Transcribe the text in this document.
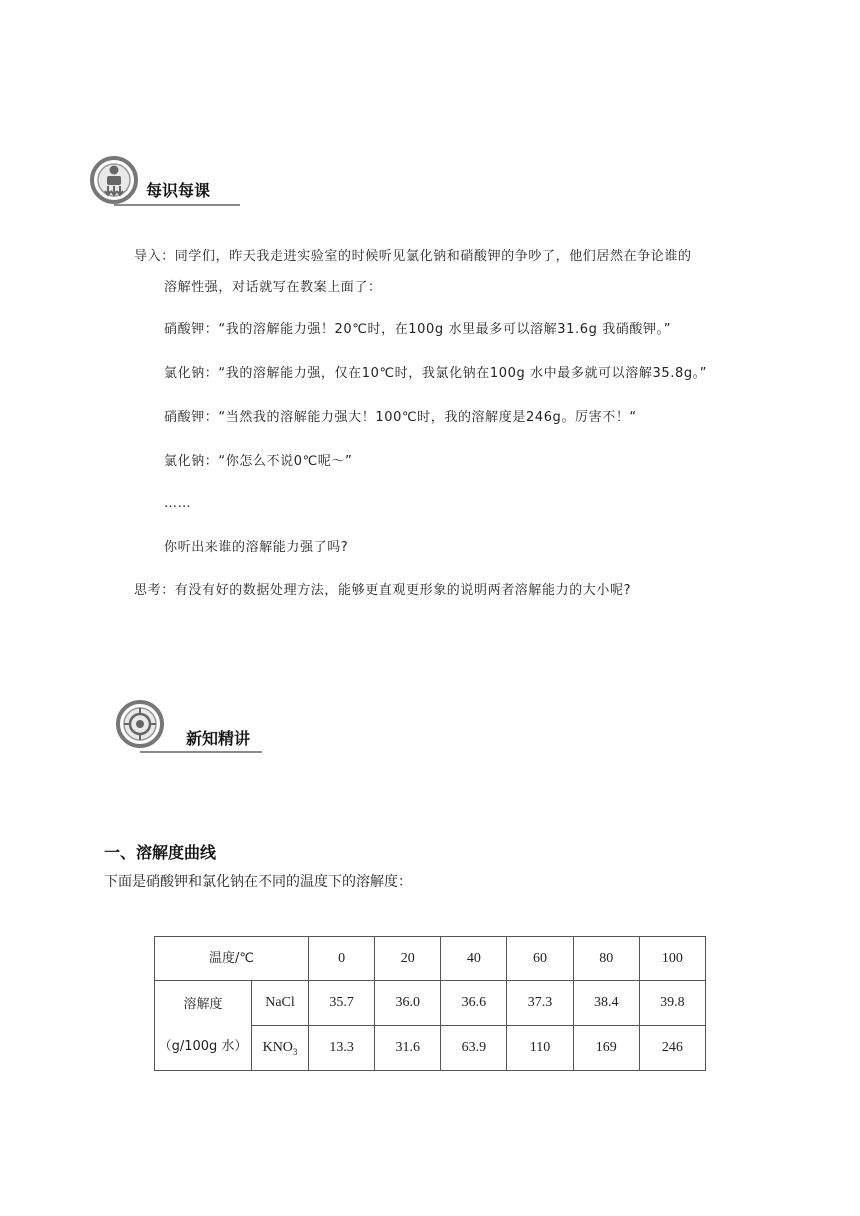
每识每课
导入：同学们，昨天我走进实验室的时候听见氯化钠和硝酸钾的争吵了，他们居然在争论谁的
溶解性强，对话就写在教案上面了：
硝酸钾：“我的溶解能力强！20℃时，在100g 水里最多可以溶解31.6g 我硝酸钾。”
氯化钠：“我的溶解能力强，仅在10℃时，我氯化钠在100g 水中最多就可以溶解35.8g。”
硝酸钾：“当然我的溶解能力强大！100℃时，我的溶解度是246g。厉害不！“
氯化钠：“你怎么不说0℃呢～”
……
你听出来谁的溶解能力强了吗?
思考：有没有好的数据处理方法，能够更直观更形象的说明两者溶解能力的大小呢?
新知精讲
一、溶解度曲线
下面是硝酸钾和氯化钠在不同的温度下的溶解度：
温度/℃		0	20	40	60	80	100

溶解度
（g/100g 水）	NaCl	35.7	36.0	36.6	37.3	38.4	39.8
	$KNO_3$	13.3	31.6	63.9	110	169	246
